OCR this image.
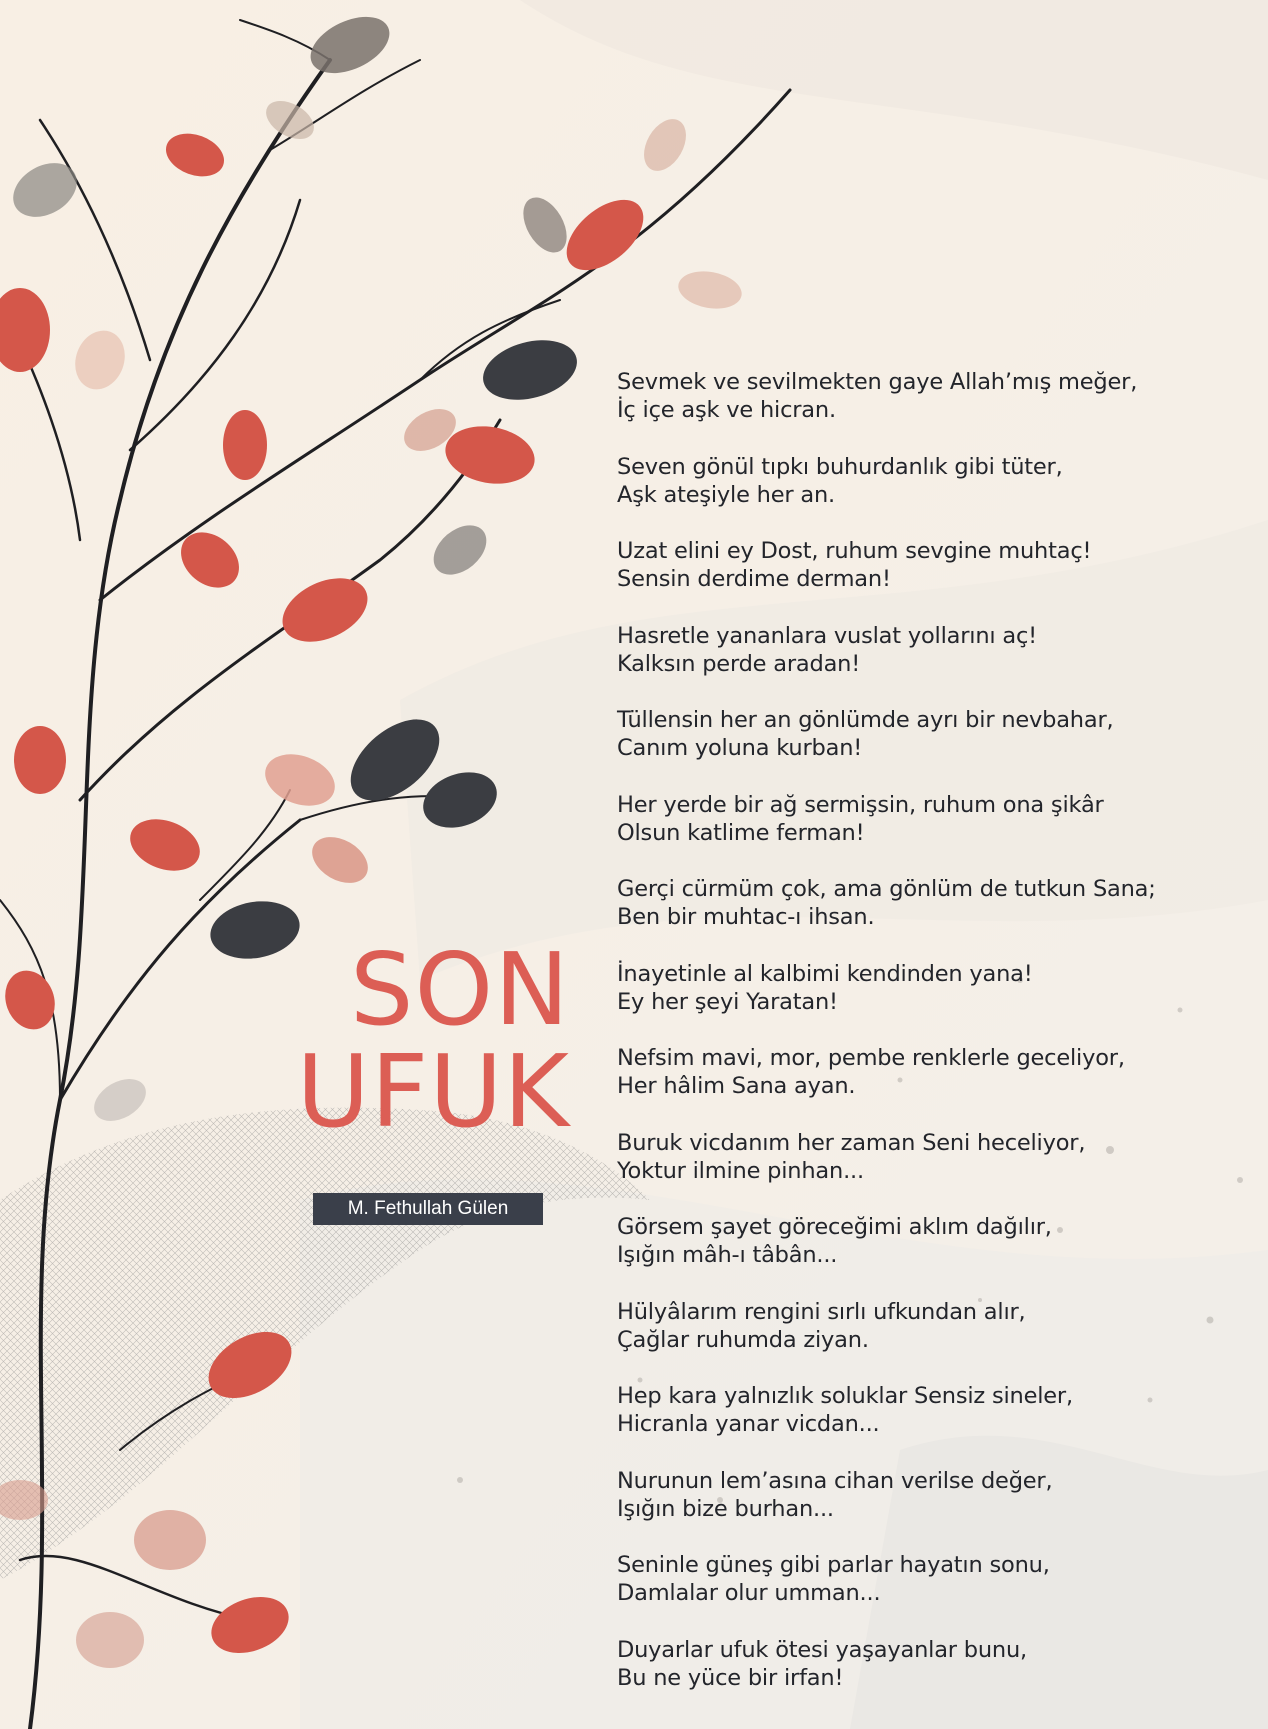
SON
UFUK
M. Fethullah Gülen
Sevmek ve sevilmekten gaye Allah’mış meğer,
İç içe aşk ve hicran.
Seven gönül tıpkı buhurdanlık gibi tüter,
Aşk ateşiyle her an.
Uzat elini ey Dost, ruhum sevgine muhtaç!
Sensin derdime derman!
Hasretle yananlara vuslat yollarını aç!
Kalksın perde aradan!
Tüllensin her an gönlümde ayrı bir nevbahar,
Canım yoluna kurban!
Her yerde bir ağ sermişsin, ruhum ona şikâr
Olsun katlime ferman!
Gerçi cürmüm çok, ama gönlüm de tutkun Sana;
Ben bir muhtac-ı ihsan.
İnayetinle al kalbimi kendinden yana!
Ey her şeyi Yaratan!
Nefsim mavi, mor, pembe renklerle geceliyor,
Her hâlim Sana ayan.
Buruk vicdanım her zaman Seni heceliyor,
Yoktur ilmine pinhan...
Görsem şayet göreceğimi aklım dağılır,
Işığın mâh-ı tâbân...
Hülyâlarım rengini sırlı ufkundan alır,
Çağlar ruhumda ziyan.
Hep kara yalnızlık soluklar Sensiz sineler,
Hicranla yanar vicdan...
Nurunun lem’asına cihan verilse değer,
Işığın bize burhan...
Seninle güneş gibi parlar hayatın sonu,
Damlalar olur umman...
Duyarlar ufuk ötesi yaşayanlar bunu,
Bu ne yüce bir irfan!
